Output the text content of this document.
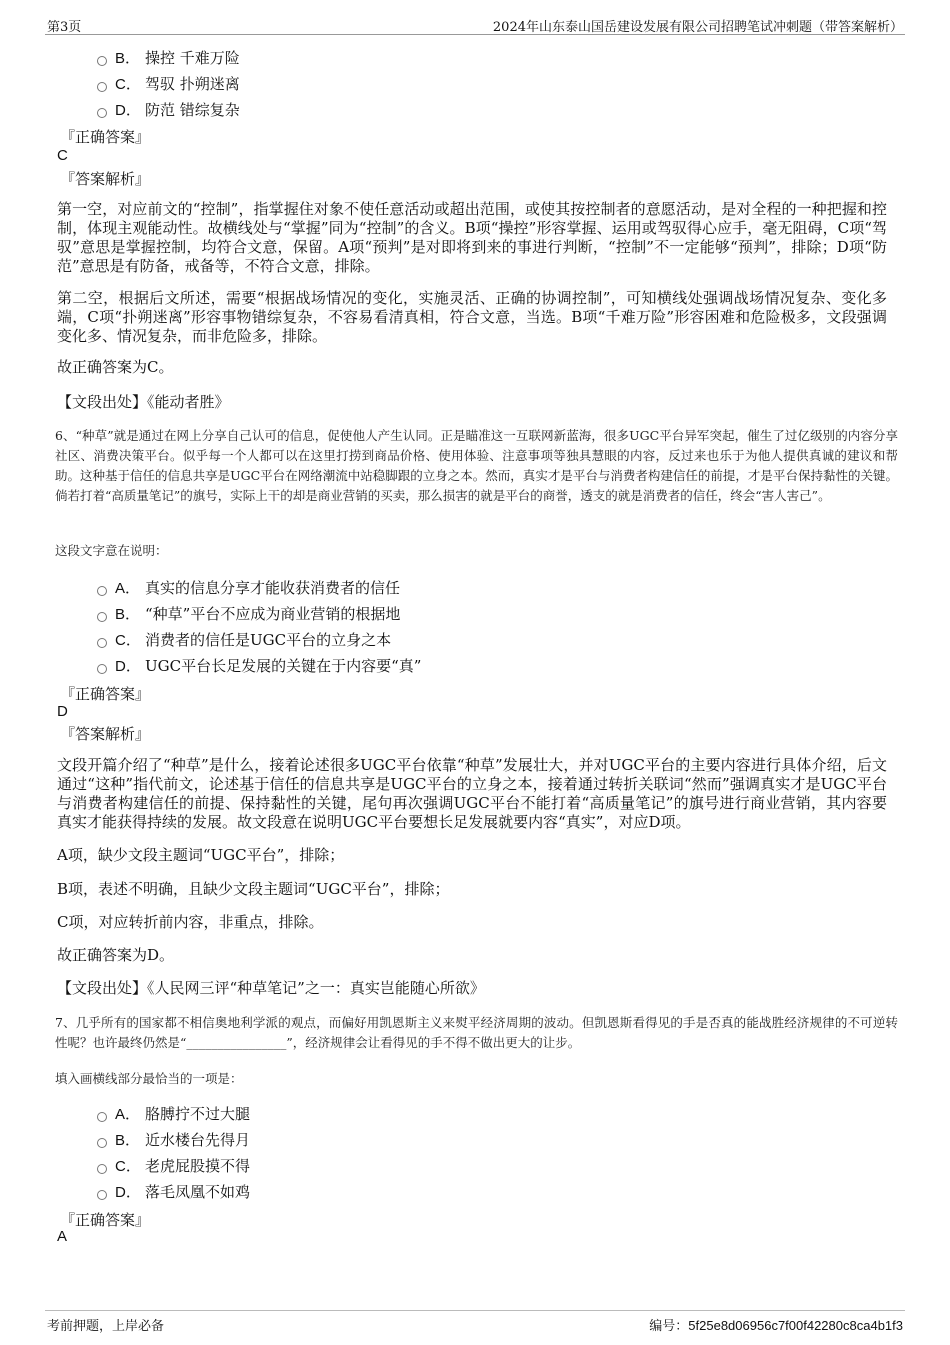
第3页	2024年山东泰山国岳建设发展有限公司招聘笔试冲刺题（带答案解析）
B． 操控 千难万险
C． 驾驭 扑朔迷离
D． 防范 错综复杂
『正确答案』
C
『答案解析』
第一空，对应前文的“控制”，指掌握住对象不使任意活动或超出范围，或使其按控制者的意愿活动，是对全程的一种把握和控制，体现主观能动性。故横线处与“掌握”同为“控制”的含义。B项“操控”形容掌握、运用或驾驭得心应手，毫无阻碍，C项“驾驭”意思是掌握控制，均符合文意，保留。A项“预判”是对即将到来的事进行判断，“控制”不一定能够“预判”，排除；D项“防范”意思是有防备，戒备等，不符合文意，排除。
第二空，根据后文所述，需要“根据战场情况的变化，实施灵活、正确的协调控制”，可知横线处强调战场情况复杂、变化多端，C项“扑朔迷离”形容事物错综复杂，不容易看清真相，符合文意，当选。B项“千难万险”形容困难和危险极多，文段强调变化多、情况复杂，而非危险多，排除。
故正确答案为C。
【文段出处】《能动者胜》
6、“种草”就是通过在网上分享自己认可的信息，促使他人产生认同。正是瞄准这一互联网新蓝海，很多UGC平台异军突起，催生了过亿级别的内容分享社区、消费决策平台。似乎每一个人都可以在这里打捞到商品价格、使用体验、注意事项等独具慧眼的内容，反过来也乐于为他人提供真诚的建议和帮助。这种基于信任的信息共享是UGC平台在网络潮流中站稳脚跟的立身之本。然而，真实才是平台与消费者构建信任的前提，才是平台保持黏性的关键。倘若打着“高质量笔记”的旗号，实际上干的却是商业营销的买卖，那么损害的就是平台的商誉，透支的就是消费者的信任，终会“害人害己”。
这段文字意在说明：
A． 真实的信息分享才能收获消费者的信任
B． “种草”平台不应成为商业营销的根据地
C． 消费者的信任是UGC平台的立身之本
D． UGC平台长足发展的关键在于内容要“真”
『正确答案』
D
『答案解析』
文段开篇介绍了“种草”是什么，接着论述很多UGC平台依靠“种草”发展壮大，并对UGC平台的主要内容进行具体介绍，后文通过“这种”指代前文，论述基于信任的信息共享是UGC平台的立身之本，接着通过转折关联词“然而”强调真实才是UGC平台与消费者构建信任的前提、保持黏性的关键，尾句再次强调UGC平台不能打着“高质量笔记”的旗号进行商业营销，其内容要真实才能获得持续的发展。故文段意在说明UGC平台要想长足发展就要内容“真实”，对应D项。
A项，缺少文段主题词“UGC平台”，排除；
B项，表述不明确，且缺少文段主题词“UGC平台”，排除；
C项，对应转折前内容，非重点，排除。
故正确答案为D。
【文段出处】《人民网三评“种草笔记”之一：真实岂能随心所欲》
7、几乎所有的国家都不相信奥地利学派的观点，而偏好用凯恩斯主义来熨平经济周期的波动。但凯恩斯看得见的手是否真的能战胜经济规律的不可逆转性呢？也许最终仍然是“________________”，经济规律会让看得见的手不得不做出更大的让步。
填入画横线部分最恰当的一项是：
A． 胳膊拧不过大腿
B． 近水楼台先得月
C． 老虎屁股摸不得
D． 落毛凤凰不如鸡
『正确答案』
A
考前押题，上岸必备	编号：5f25e8d06956c7f00f42280c8ca4b1f3
